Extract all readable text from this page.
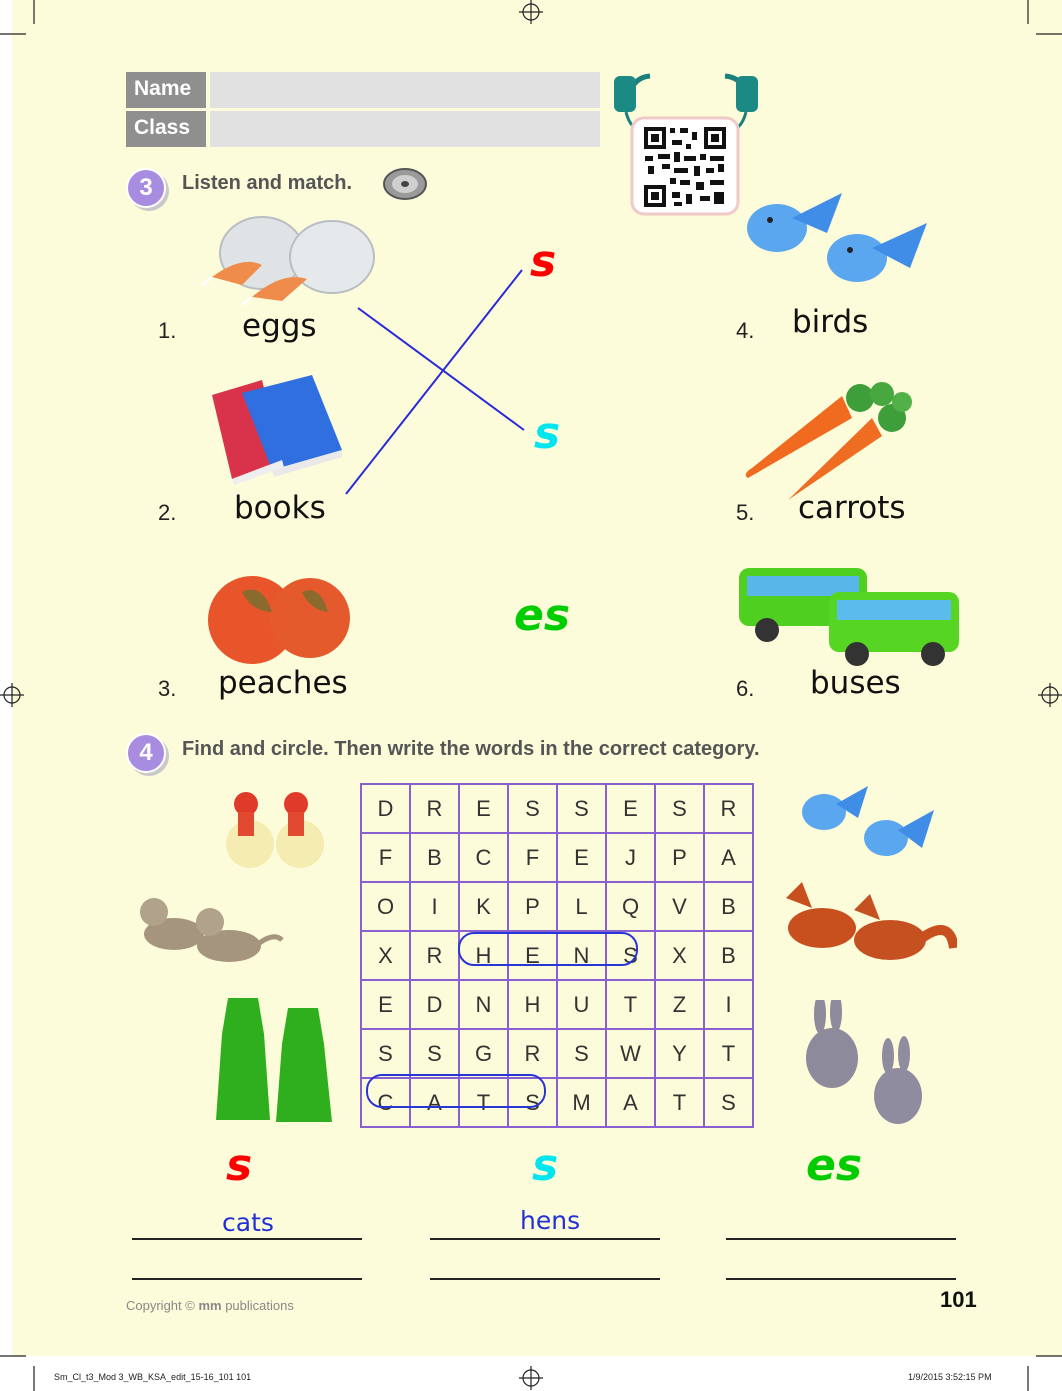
Name
Class
3	Listen and match.
1. eggs
2. books
3. peaches
4. birds
5. carrots
6. buses
s
s
es
4	Find and circle. Then write the words in the correct category.
D	R	E	S	S	E	S	R
F	B	C	F	E	J	P	A
O	I	K	P	L	Q	V	B
X	R	H	E	N	S	X	B
E	D	N	H	U	T	Z	I
S	S	G	R	S	W	Y	T
C	A	T	S	M	A	T	S
s	s	es
cats	hens
Copyright © mm publications	101
Sm_Cl_t3_Mod 3_WB_KSA_edit_15-16_101 101	1/9/2015 3:52:15 PM
